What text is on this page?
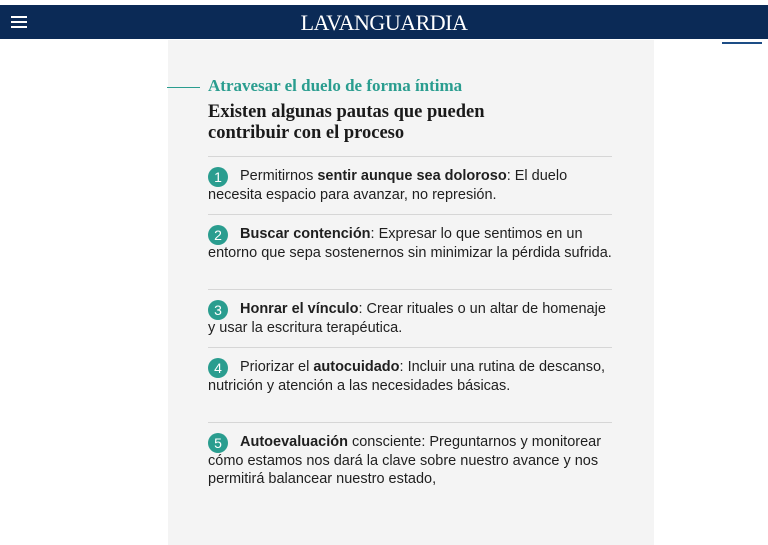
LAVANGUARDIA
Atravesar el duelo de forma íntima
Existen algunas pautas que pueden contribuir con el proceso
1 Permitirnos sentir aunque sea doloroso: El duelo necesita espacio para avanzar, no represión.
2 Buscar contención: Expresar lo que sentimos en un entorno que sepa sostenernos sin minimizar la pérdida sufrida.
3 Honrar el vínculo: Crear rituales o un altar de homenaje y usar la escritura terapéutica.
4 Priorizar el autocuidado: Incluir una rutina de descanso, nutrición y atención a las necesidades básicas.
5 Autoevaluación consciente: Preguntarnos y monitorear cómo estamos nos dará la clave sobre nuestro avance y nos permitirá balancear nuestro estado,
